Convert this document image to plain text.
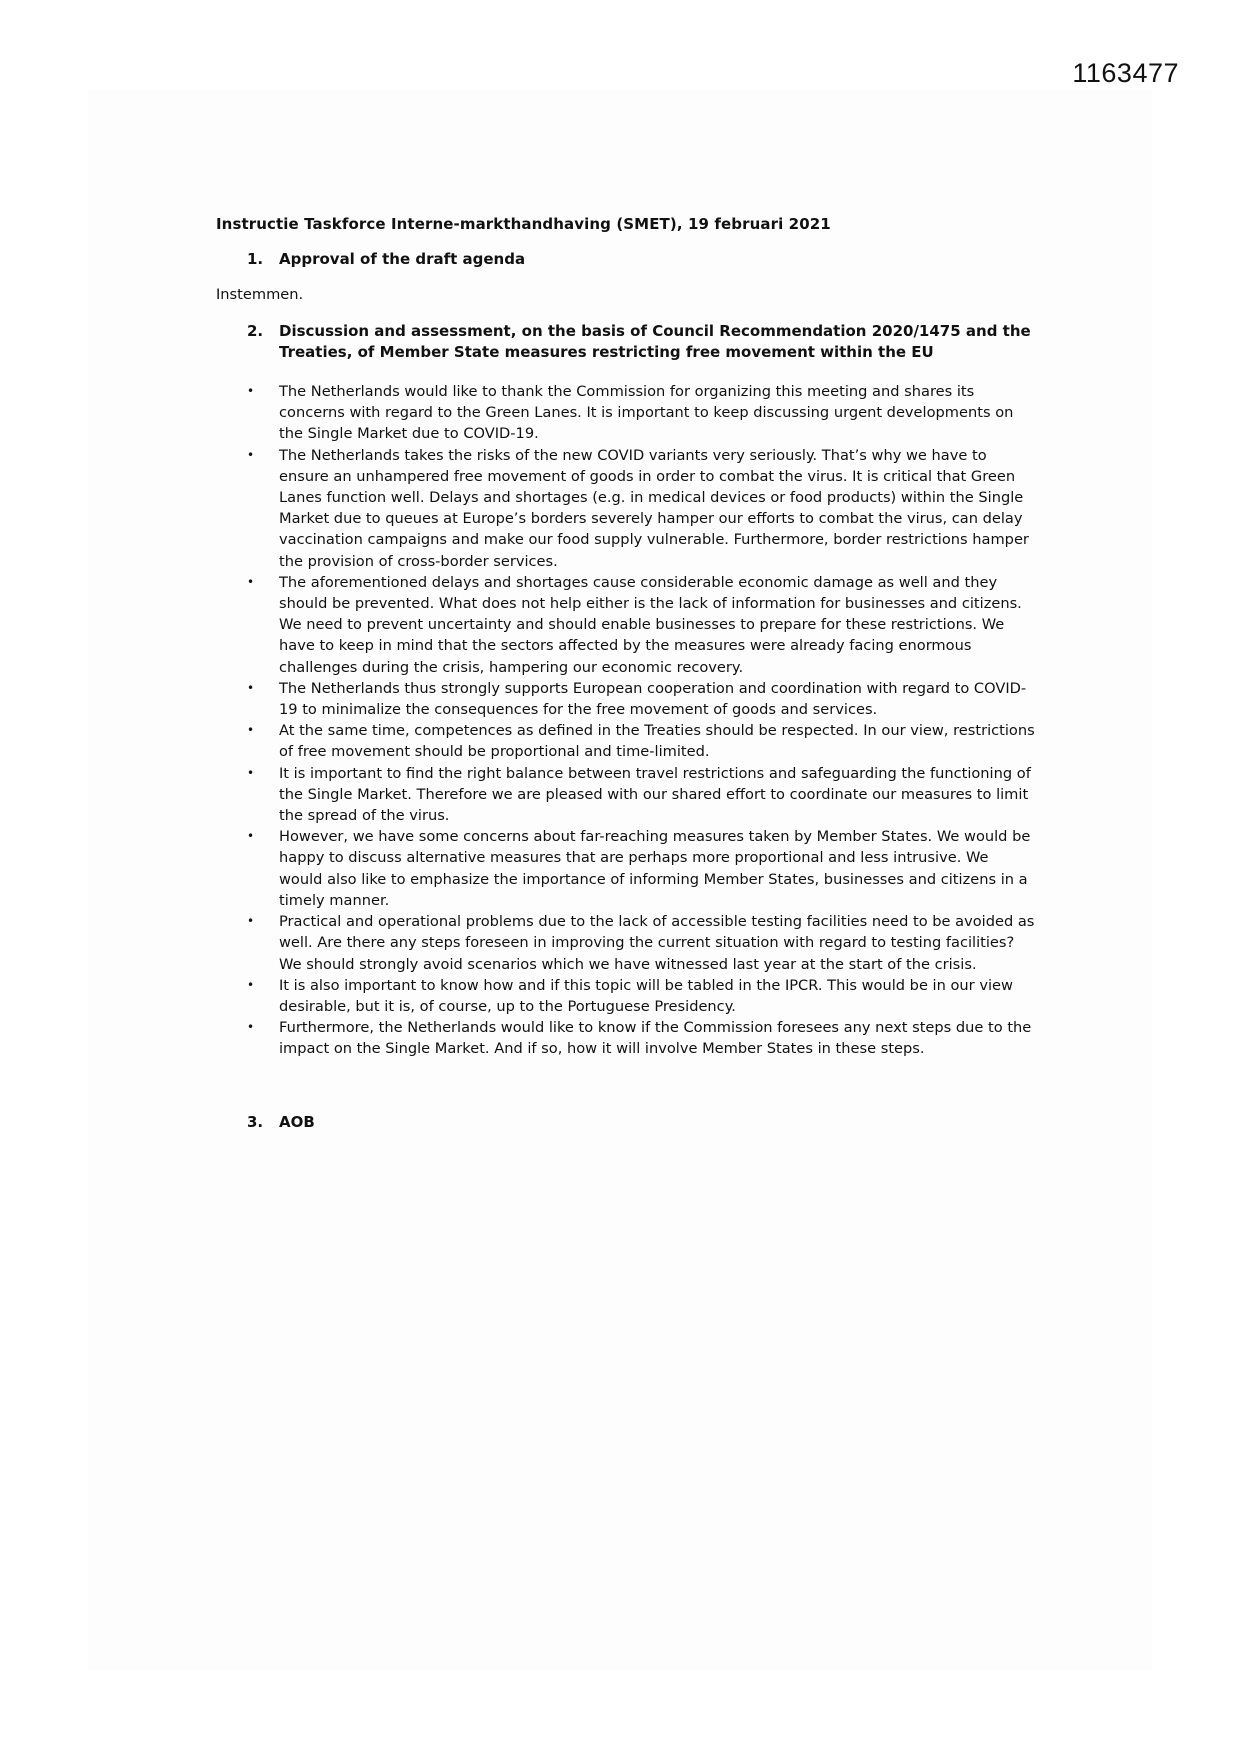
1163477

Instructie Taskforce Interne-markthandhaving (SMET), 19 februari 2021

1.	Approval of the draft agenda

Instemmen.

2.	Discussion and assessment, on the basis of Council Recommendation 2020/1475 and the Treaties, of Member State measures restricting free movement within the EU
•	The Netherlands would like to thank the Commission for organizing this meeting and shares its concerns with regard to the Green Lanes. It is important to keep discussing urgent developments on the Single Market due to COVID-19.
•	The Netherlands takes the risks of the new COVID variants very seriously. That’s why we have to ensure an unhampered free movement of goods in order to combat the virus. It is critical that Green Lanes function well. Delays and shortages (e.g. in medical devices or food products) within the Single Market due to queues at Europe’s borders severely hamper our efforts to combat the virus, can delay vaccination campaigns and make our food supply vulnerable. Furthermore, border restrictions hamper the provision of cross-border services.
•	The aforementioned delays and shortages cause considerable economic damage as well and they should be prevented. What does not help either is the lack of information for businesses and citizens. We need to prevent uncertainty and should enable businesses to prepare for these restrictions. We have to keep in mind that the sectors affected by the measures were already facing enormous challenges during the crisis, hampering our economic recovery.
•	The Netherlands thus strongly supports European cooperation and coordination with regard to COVID-19 to minimalize the consequences for the free movement of goods and services.
•	At the same time, competences as defined in the Treaties should be respected. In our view, restrictions of free movement should be proportional and time-limited.
•	It is important to find the right balance between travel restrictions and safeguarding the functioning of the Single Market. Therefore we are pleased with our shared effort to coordinate our measures to limit the spread of the virus.
•	However, we have some concerns about far-reaching measures taken by Member States. We would be happy to discuss alternative measures that are perhaps more proportional and less intrusive. We would also like to emphasize the importance of informing Member States, businesses and citizens in a timely manner.
•	Practical and operational problems due to the lack of accessible testing facilities need to be avoided as well. Are there any steps foreseen in improving the current situation with regard to testing facilities? We should strongly avoid scenarios which we have witnessed last year at the start of the crisis.
•	It is also important to know how and if this topic will be tabled in the IPCR. This would be in our view desirable, but it is, of course, up to the Portuguese Presidency.
•	Furthermore, the Netherlands would like to know if the Commission foresees any next steps due to the impact on the Single Market. And if so, how it will involve Member States in these steps.
3.	AOB
